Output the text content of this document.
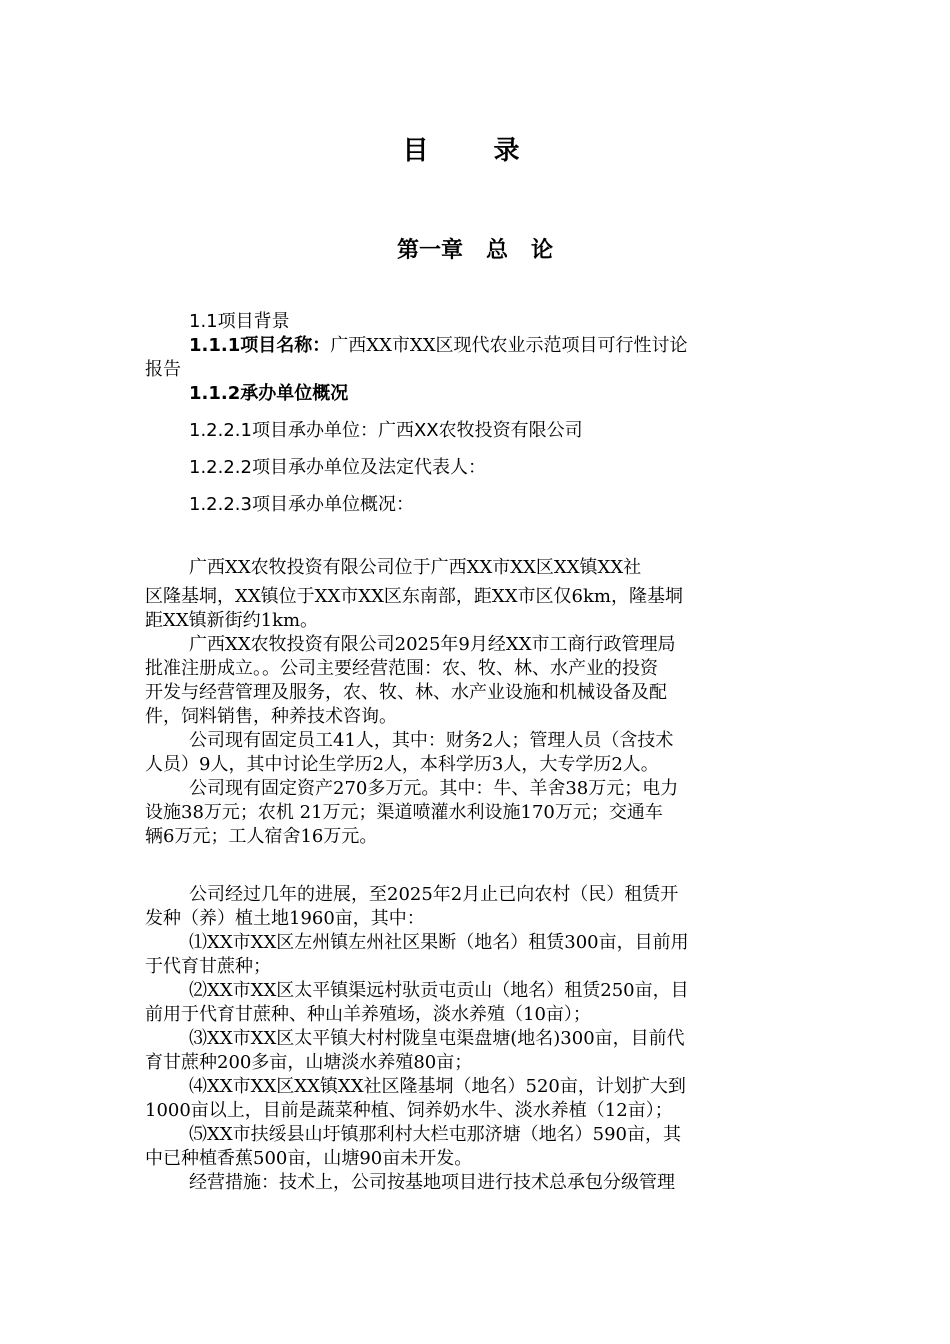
目 录
第一章   总   论
1.1项目背景
1.1.1项目名称：广西XX市XX区现代农业示范项目可行性讨论
报告
1.1.2承办单位概况
1.2.2.1项目承办单位：广西XX农牧投资有限公司
1.2.2.2项目承办单位及法定代表人：
1.2.2.3项目承办单位概况：
广西XX农牧投资有限公司位于广西XX市XX区XX镇XX社
区隆基垌，XX镇位于XX市XX区东南部，距XX市区仅6km，隆基垌
距XX镇新街约1km。
广西XX农牧投资有限公司2025年9月经XX市工商行政管理局
批准注册成立。。公司主要经营范围：农、牧、林、水产业的投资
开发与经营管理及服务，农、牧、林、水产业设施和机械设备及配
件，饲料销售，种养技术咨询。
公司现有固定员工41人，其中：财务2人；管理人员（含技术
人员）9人，其中讨论生学历2人，本科学历3人，大专学历2人。
公司现有固定资产270多万元。其中：牛、羊舍38万元；电力
设施38万元；农机 21万元；渠道喷灌水利设施170万元；交通车
辆6万元；工人宿舍16万元。
公司经过几年的进展，至2025年2月止已向农村（民）租赁开
发种（养）植土地1960亩，其中：
⑴XX市XX区左州镇左州社区果断（地名）租赁300亩，目前用
于代育甘蔗种；
⑵XX市XX区太平镇渠远村驮贡屯贡山（地名）租赁250亩，目
前用于代育甘蔗种、种山羊养殖场，淡水养殖（10亩）；
⑶XX市XX区太平镇大村村陇皇屯渠盘塘(地名)300亩，目前代
育甘蔗种200多亩，山塘淡水养殖80亩；
⑷XX市XX区XX镇XX社区隆基垌（地名）520亩，计划扩大到
1000亩以上，目前是蔬菜种植、饲养奶水牛、淡水养植（12亩）；
⑸XX市扶绥县山圩镇那利村大栏屯那济塘（地名）590亩，其
中已种植香蕉500亩，山塘90亩未开发。
经营措施：技术上，公司按基地项目进行技术总承包分级管理
